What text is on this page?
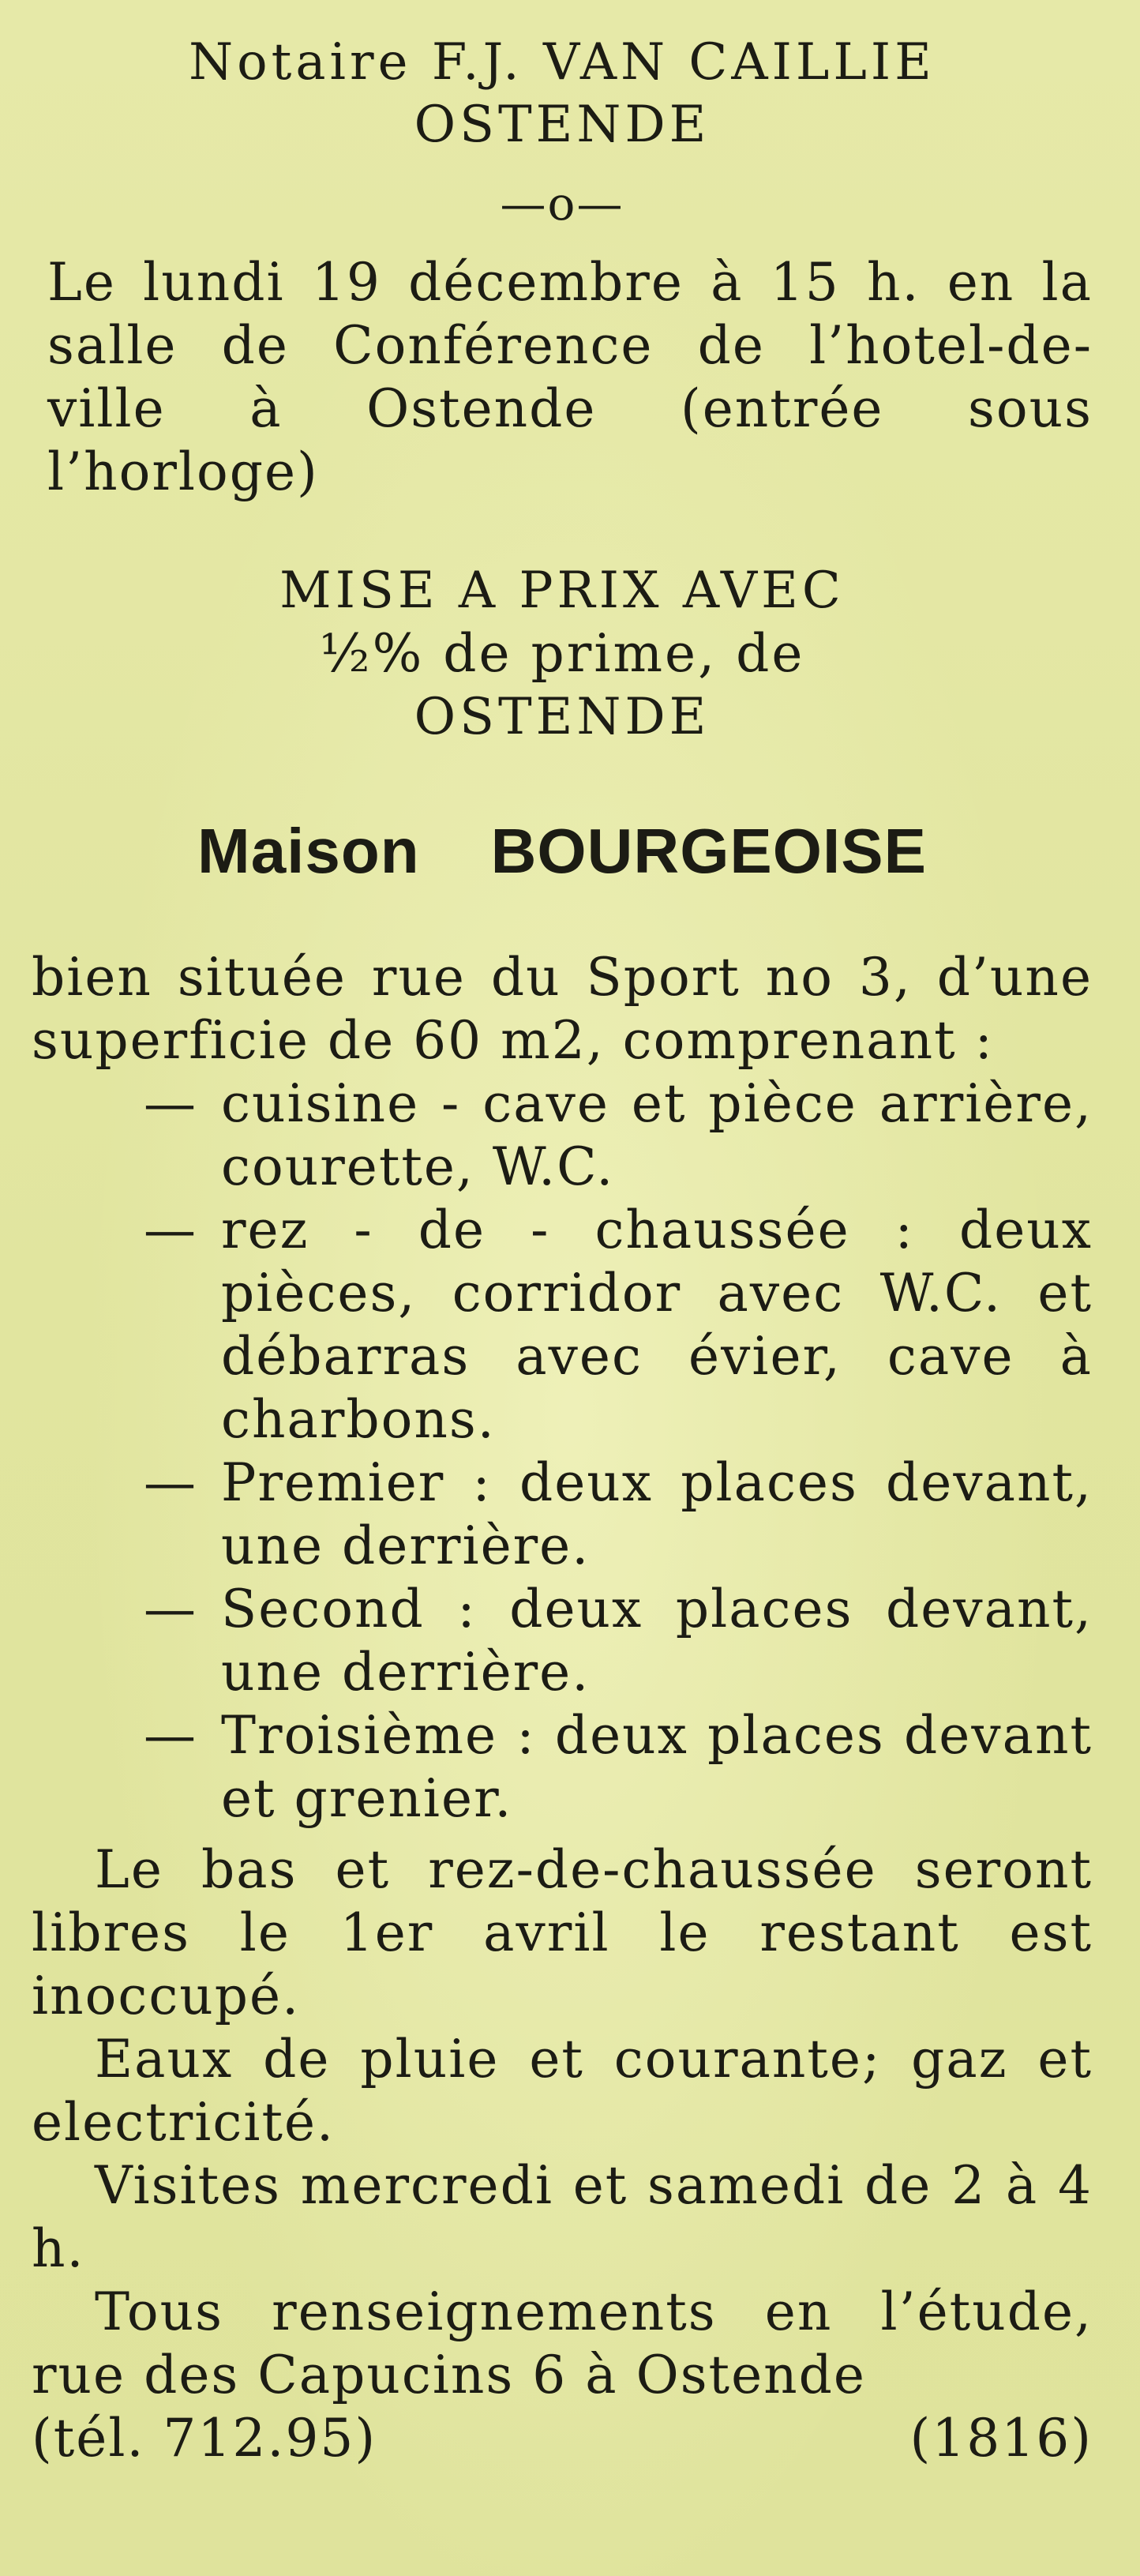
Notaire F.J. VAN CAILLIE

OSTENDE

—o—

Le lundi 19 décembre à 15 h. en la salle de Conférence de l’hotel-de-ville à Ostende (entrée sous l’horloge)

MISE A PRIX AVEC

½% de prime, de

OSTENDE

Maison BOURGEOISE

bien située rue du Sport no 3, d’une superficie de 60 m2, comprenant :

— cuisine - cave et pièce arrière, courette, W.C.
— rez - de - chaussée : deux pièces, corridor avec W.C. et débarras avec évier, cave à charbons.
— Premier : deux places devant, une derrière.
— Second : deux places devant, une derrière.
— Troisième : deux places devant et grenier.

Le bas et rez-de-chaussée seront libres le 1er avril le restant est inoccupé.

Eaux de pluie et courante; gaz et electricité.

Visites mercredi et samedi de 2 à 4 h.

Tous renseignements en l’étude, rue des Capucins 6 à Ostende

(tél. 712.95)	(1816)
